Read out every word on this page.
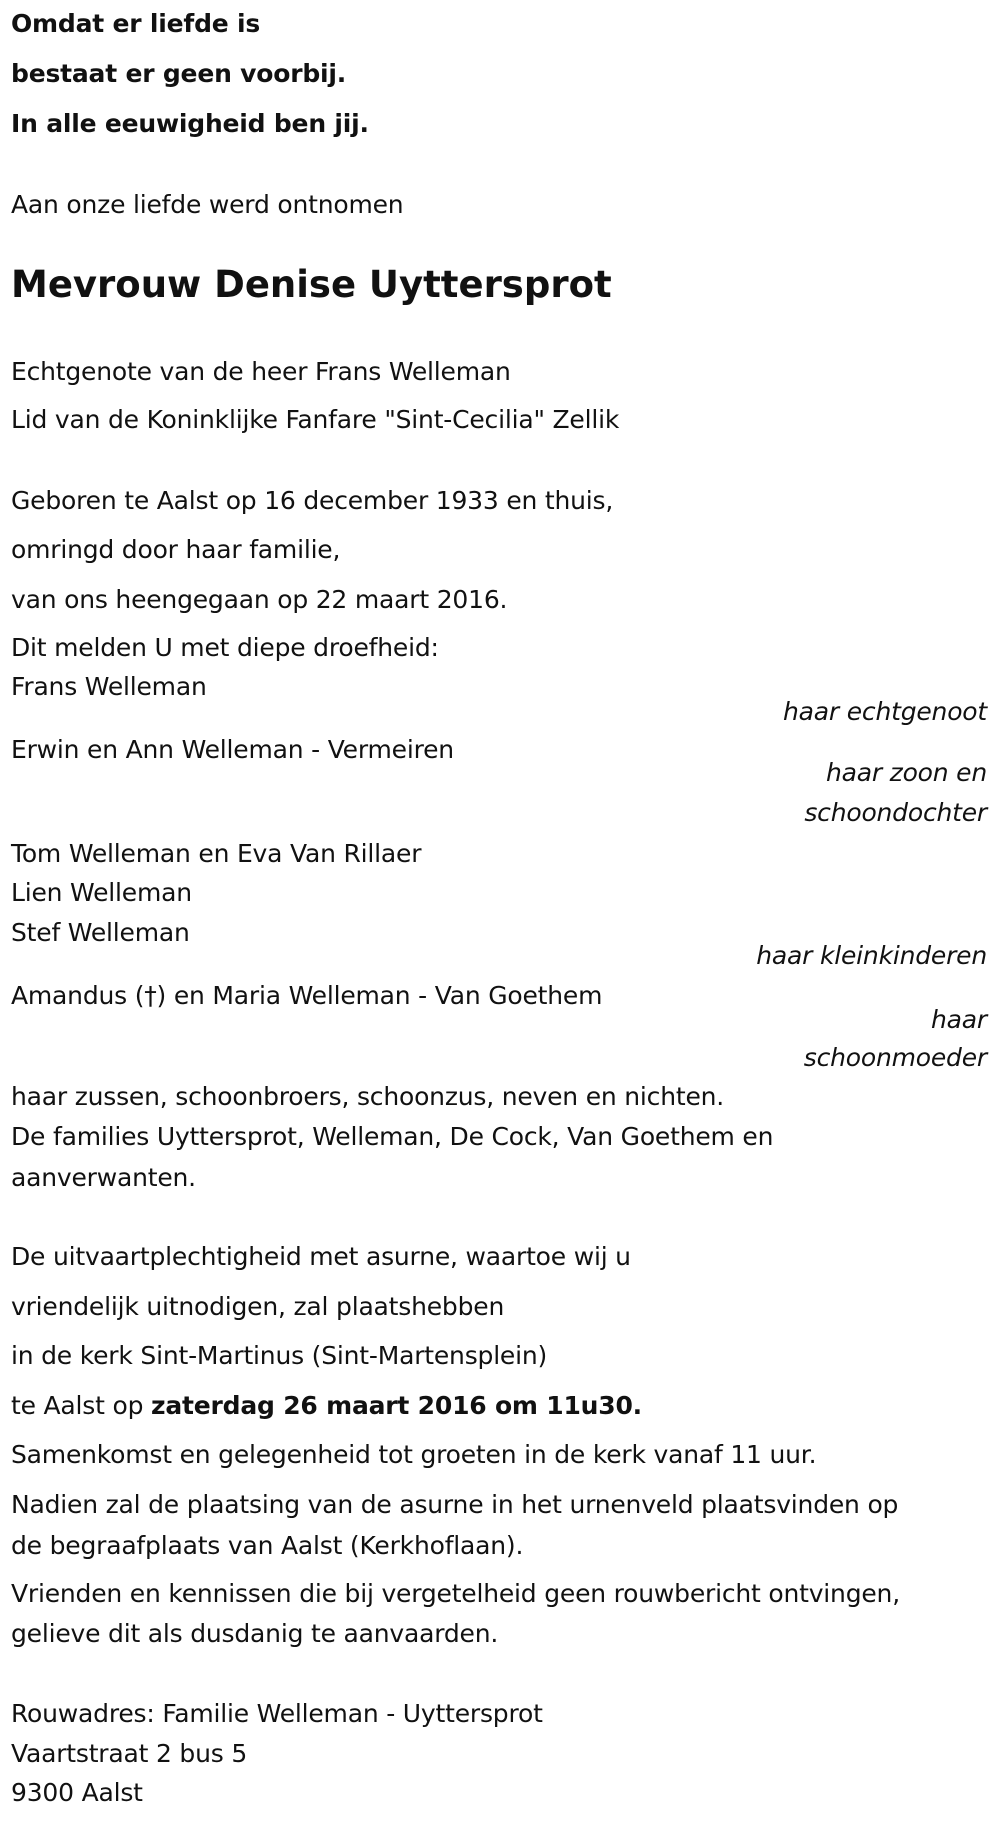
Omdat er liefde is
bestaat er geen voorbij.
In alle eeuwigheid ben jij.
Aan onze liefde werd ontnomen
Mevrouw Denise Uyttersprot
Echtgenote van de heer Frans Welleman
Lid van de Koninklijke Fanfare "Sint-Cecilia" Zellik
Geboren te Aalst op 16 december 1933 en thuis,
omringd door haar familie,
van ons heengegaan op 22 maart 2016.
Dit melden U met diepe droefheid:
Frans Welleman
haar echtgenoot
Erwin en Ann Welleman - Vermeiren
haar zoon en
schoondochter
Tom Welleman en Eva Van Rillaer
Lien Welleman
Stef Welleman
haar kleinkinderen
Amandus (†) en Maria Welleman - Van Goethem
haar
schoonmoeder
haar zussen, schoonbroers, schoonzus, neven en nichten.
De families Uyttersprot, Welleman, De Cock, Van Goethem en
aanverwanten.
De uitvaartplechtigheid met asurne, waartoe wij u
vriendelijk uitnodigen, zal plaatshebben
in de kerk Sint-Martinus (Sint-Martensplein)
te Aalst op zaterdag 26 maart 2016 om 11u30.
Samenkomst en gelegenheid tot groeten in de kerk vanaf 11 uur.
Nadien zal de plaatsing van de asurne in het urnenveld plaatsvinden op
de begraafplaats van Aalst (Kerkhoflaan).
Vrienden en kennissen die bij vergetelheid geen rouwbericht ontvingen,
gelieve dit als dusdanig te aanvaarden.
Rouwadres: Familie Welleman - Uyttersprot
Vaartstraat 2 bus 5
9300 Aalst
